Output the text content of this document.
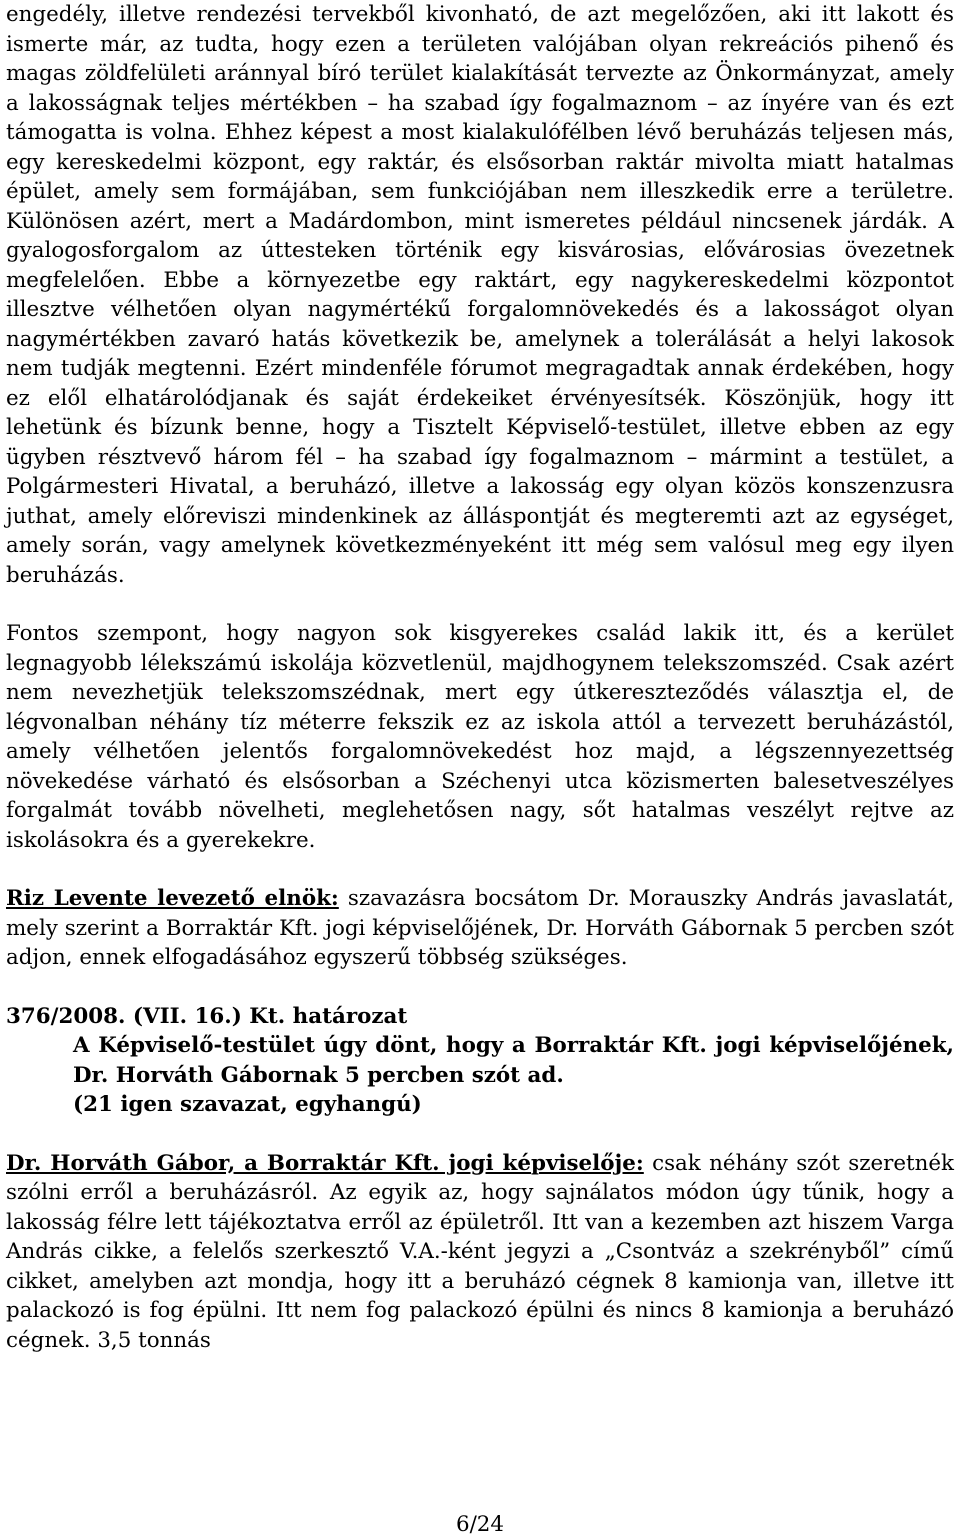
engedély, illetve rendezési tervekből kivonható, de azt megelőzően, aki itt lakott és ismerte már, az tudta, hogy ezen a területen valójában olyan rekreációs pihenő és magas zöldfelületi aránnyal bíró terület kialakítását tervezte az Önkormányzat, amely a lakosságnak teljes mértékben – ha szabad így fogalmaznom – az ínyére van és ezt támogatta is volna. Ehhez képest a most kialakulófélben lévő beruházás teljesen más, egy kereskedelmi központ, egy raktár, és elsősorban raktár mivolta miatt hatalmas épület, amely sem formájában, sem funkciójában nem illeszkedik erre a területre. Különösen azért, mert a Madárdombon, mint ismeretes például nincsenek járdák. A gyalogosforgalom az úttesteken történik egy kisvárosias, elővárosias övezetnek megfelelően. Ebbe a környezetbe egy raktárt, egy nagykereskedelmi központot illesztve vélhetően olyan nagymértékű forgalomnövekedés és a lakosságot olyan nagymértékben zavaró hatás következik be, amelynek a tolerálását a helyi lakosok nem tudják megtenni. Ezért mindenféle fórumot megragadtak annak érdekében, hogy ez elől elhatárolódjanak és saját érdekeiket érvényesítsék. Köszönjük, hogy itt lehetünk és bízunk benne, hogy a Tisztelt Képviselő-testület, illetve ebben az egy ügyben résztvevő három fél – ha szabad így fogalmaznom – mármint a testület, a Polgármesteri Hivatal, a beruházó, illetve a lakosság egy olyan közös konszenzusra juthat, amely előreviszi mindenkinek az álláspontját és megteremti azt az egységet, amely során, vagy amelynek következményeként itt még sem valósul meg egy ilyen beruházás.

Fontos szempont, hogy nagyon sok kisgyerekes család lakik itt, és a kerület legnagyobb lélekszámú iskolája közvetlenül, majdhogynem telekszomszéd. Csak azért nem nevezhetjük telekszomszédnak, mert egy útkereszteződés választja el, de légvonalban néhány tíz méterre fekszik ez az iskola attól a tervezett beruházástól, amely vélhetően jelentős forgalomnövekedést hoz majd, a légszennyezettség növekedése várható és elsősorban a Széchenyi utca közismerten balesetveszélyes forgalmát tovább növelheti, meglehetősen nagy, sőt hatalmas veszélyt rejtve az iskolásokra és a gyerekekre.

Riz Levente levezető elnök: szavazásra bocsátom Dr. Morauszky András javaslatát, mely szerint a Borraktár Kft. jogi képviselőjének, Dr. Horváth Gábornak 5 percben szót adjon, ennek elfogadásához egyszerű többség szükséges.

376/2008. (VII. 16.) Kt. határozat

A Képviselő-testület úgy dönt, hogy a Borraktár Kft. jogi képviselőjének, Dr. Horváth Gábornak 5 percben szót ad.
(21 igen szavazat, egyhangú)

Dr. Horváth Gábor, a Borraktár Kft. jogi képviselője: csak néhány szót szeretnék szólni erről a beruházásról. Az egyik az, hogy sajnálatos módon úgy tűnik, hogy a lakosság félre lett tájékoztatva erről az épületről. Itt van a kezemben azt hiszem Varga András cikke, a felelős szerkesztő V.A.-ként jegyzi a „Csontváz a szekrényből” című cikket, amelyben azt mondja, hogy itt a beruházó cégnek 8 kamionja van, illetve itt palackozó is fog épülni. Itt nem fog palackozó épülni és nincs 8 kamionja a beruházó cégnek. 3,5 tonnás

6/24
